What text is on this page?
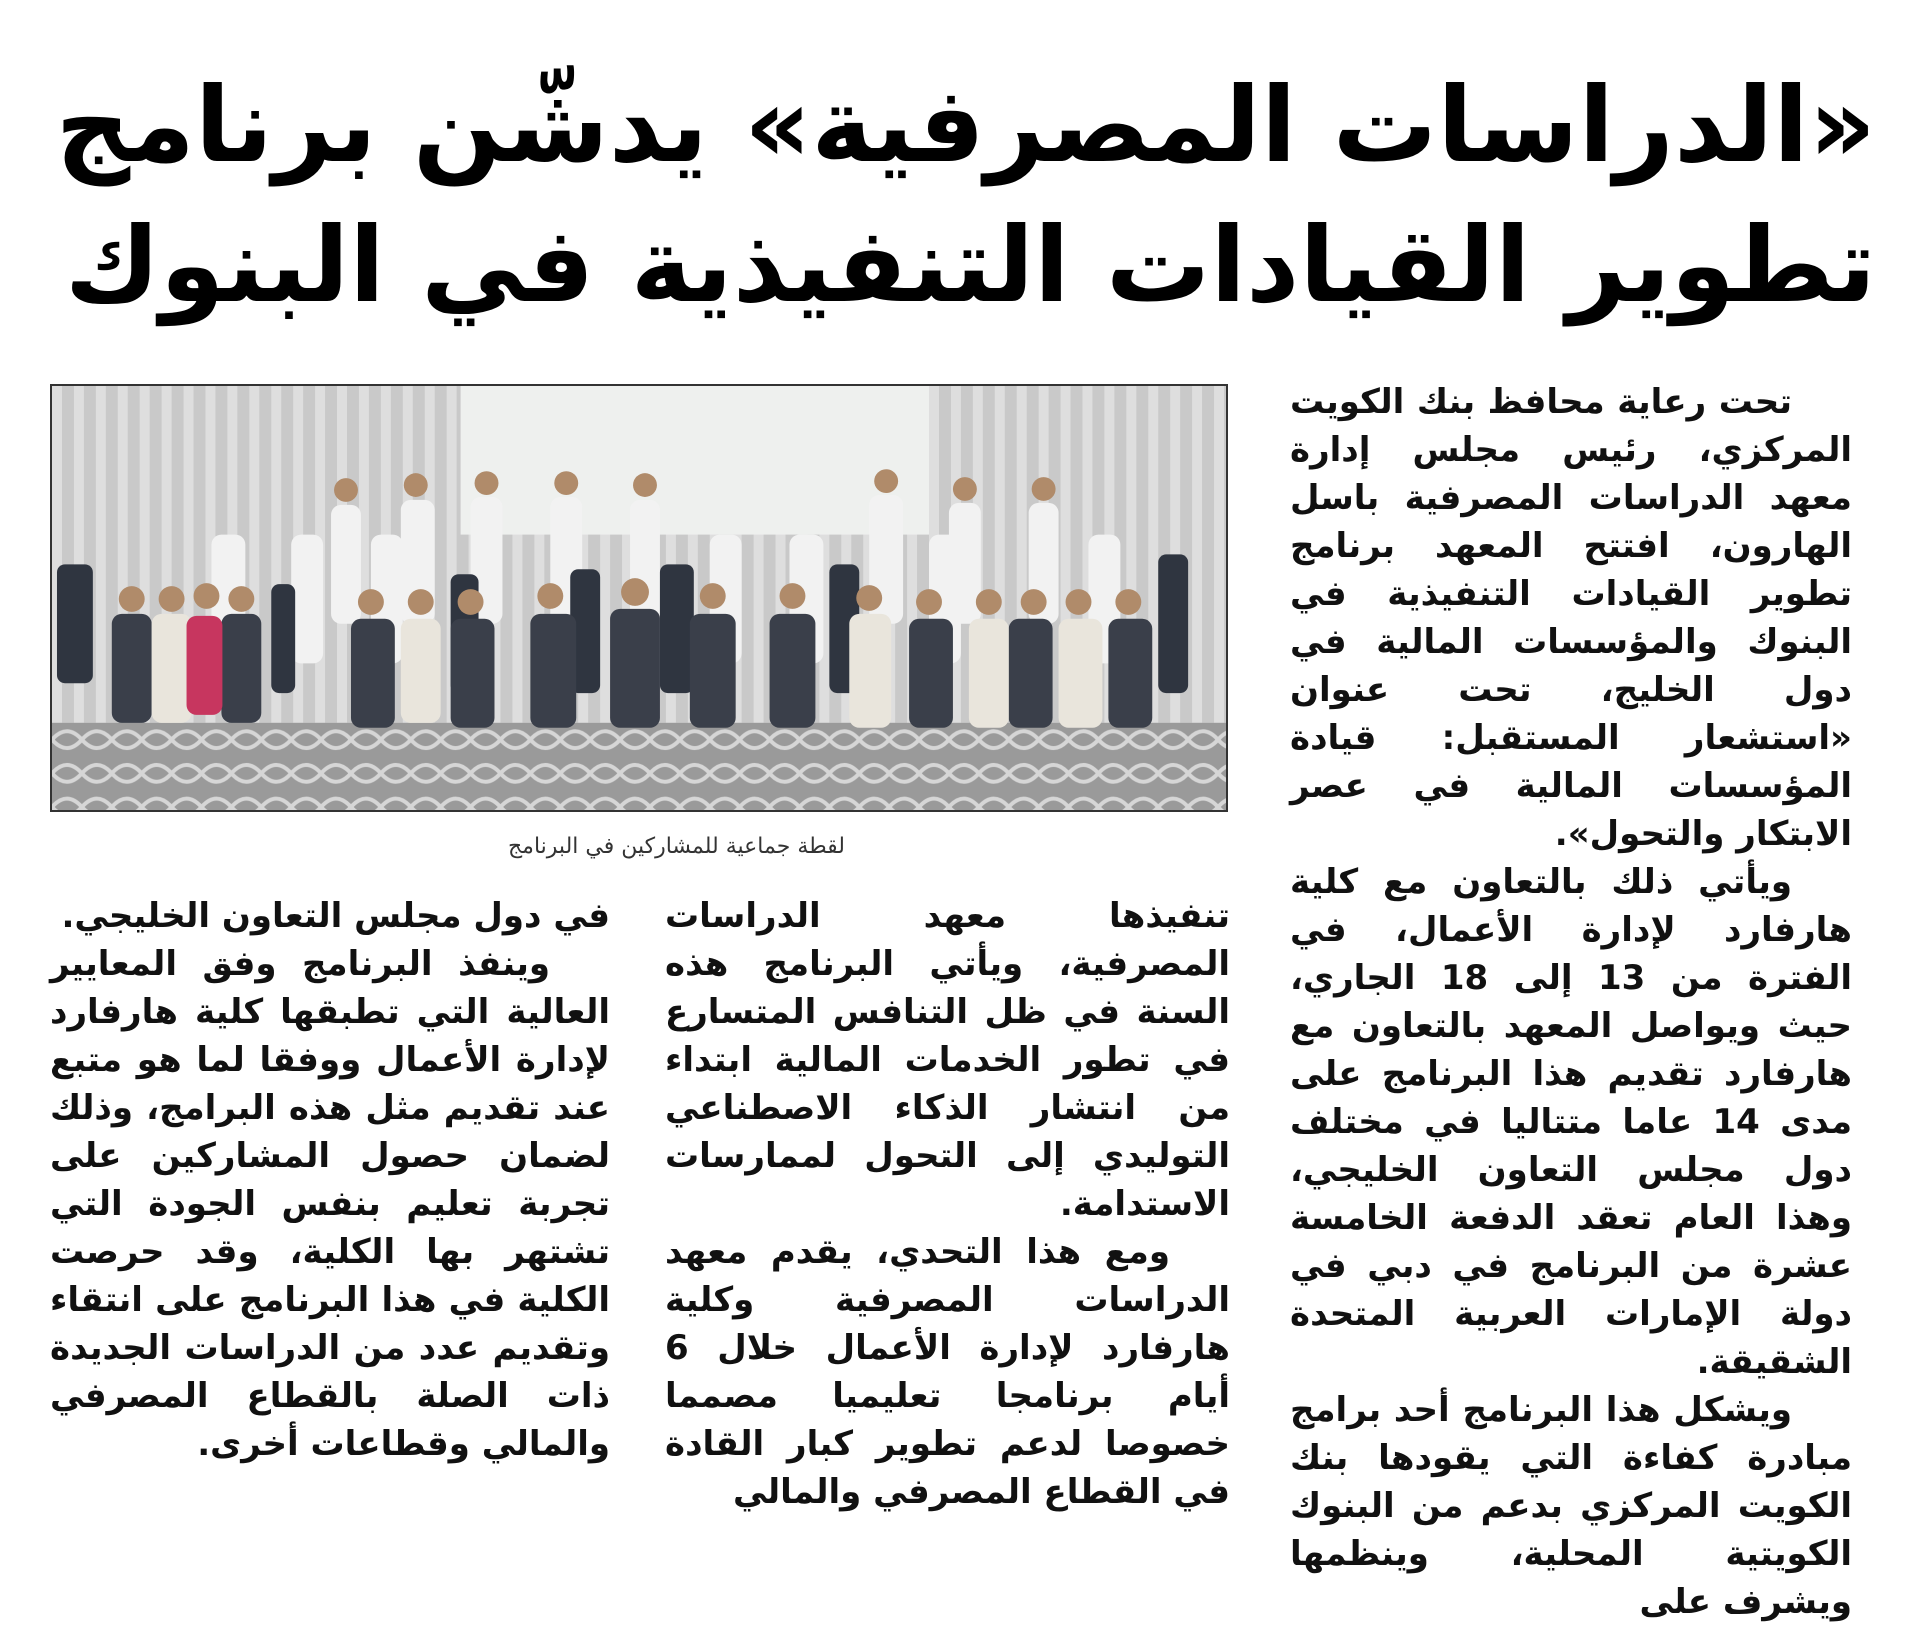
«الدراسات المصرفية» يدشّن برنامج
تطوير القيادات التنفيذية في البنوك
لقطة جماعية للمشاركين في البرنامج

تحت رعاية محافظ بنك الكويت المركزي، رئيس مجلس إدارة معهد الدراسات المصرفية باسل الهارون، افتتح المعهد برنامج تطوير القيادات التنفيذية في البنوك والمؤسسات المالية في دول الخليج، تحت عنوان «استشعار المستقبل: قيادة المؤسسات المالية في عصر الابتكار والتحول».

ويأتي ذلك بالتعاون مع كلية هارفارد لإدارة الأعمال، في الفترة من 13 إلى 18 الجاري، حيث ويواصل المعهد بالتعاون مع هارفارد تقديم هذا البرنامج على مدى 14 عاما متتاليا في مختلف دول مجلس التعاون الخليجي، وهذا العام تعقد الدفعة الخامسة عشرة من البرنامج في دبي في دولة الإمارات العربية المتحدة الشقيقة.

ويشكل هذا البرنامج أحد برامج مبادرة كفاءة التي يقودها بنك الكويت المركزي بدعم من البنوك الكويتية المحلية، وينظمها ويشرف على

تنفيذها معهد الدراسات المصرفية، ويأتي البرنامج هذه السنة في ظل التنافس المتسارع في تطور الخدمات المالية ابتداء من انتشار الذكاء الاصطناعي التوليدي إلى التحول لممارسات الاستدامة.

ومع هذا التحدي، يقدم معهد الدراسات المصرفية وكلية هارفارد لإدارة الأعمال خلال 6 أيام برنامجا تعليميا مصمما خصوصا لدعم تطوير كبار القادة في القطاع المصرفي والمالي

في دول مجلس التعاون الخليجي.

وينفذ البرنامج وفق المعايير العالية التي تطبقها كلية هارفارد لإدارة الأعمال ووفقا لما هو متبع عند تقديم مثل هذه البرامج، وذلك لضمان حصول المشاركين على تجربة تعليم بنفس الجودة التي تشتهر بها الكلية، وقد حرصت الكلية في هذا البرنامج على انتقاء وتقديم عدد من الدراسات الجديدة ذات الصلة بالقطاع المصرفي والمالي وقطاعات أخرى.
